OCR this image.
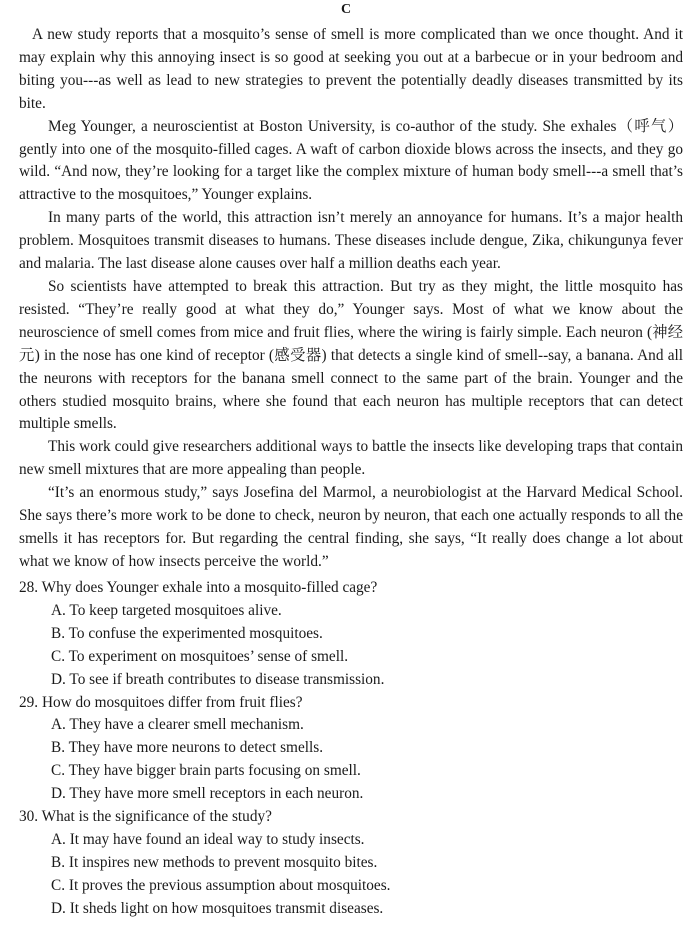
C

A new study reports that a mosquito’s sense of smell is more complicated than we once thought. And it may explain why this annoying insect is so good at seeking you out at a barbecue or in your bedroom and biting you---as well as lead to new strategies to prevent the potentially deadly diseases transmitted by its bite.

Meg Younger, a neuroscientist at Boston University, is co-author of the study. She exhales（呼气）gently into one of the mosquito-filled cages. A waft of carbon dioxide blows across the insects, and they go wild. “And now, they’re looking for a target like the complex mixture of human body smell---a smell that’s attractive to the mosquitoes,” Younger explains.

In many parts of the world, this attraction isn’t merely an annoyance for humans. It’s a major health problem. Mosquitoes transmit diseases to humans. These diseases include dengue, Zika, chikungunya fever and malaria. The last disease alone causes over half a million deaths each year.

So scientists have attempted to break this attraction. But try as they might, the little mosquito has resisted. “They’re really good at what they do,” Younger says. Most of what we know about the neuroscience of smell comes from mice and fruit flies, where the wiring is fairly simple. Each neuron (神经元) in the nose has one kind of receptor (感受器) that detects a single kind of smell--say, a banana. And all the neurons with receptors for the banana smell connect to the same part of the brain. Younger and the others studied mosquito brains, where she found that each neuron has multiple receptors that can detect multiple smells.

This work could give researchers additional ways to battle the insects like developing traps that contain new smell mixtures that are more appealing than people.

“It’s an enormous study,” says Josefina del Marmol, a neurobiologist at the Harvard Medical School. She says there’s more work to be done to check, neuron by neuron, that each one actually responds to all the smells it has receptors for. But regarding the central finding, she says, “It really does change a lot about what we know of how insects perceive the world.”

28. Why does Younger exhale into a mosquito-filled cage?
A. To keep targeted mosquitoes alive.
B. To confuse the experimented mosquitoes.
C. To experiment on mosquitoes’ sense of smell.
D. To see if breath contributes to disease transmission.
29. How do mosquitoes differ from fruit flies?
A. They have a clearer smell mechanism.
B. They have more neurons to detect smells.
C. They have bigger brain parts focusing on smell.
D. They have more smell receptors in each neuron.
30. What is the significance of the study?
A. It may have found an ideal way to study insects.
B. It inspires new methods to prevent mosquito bites.
C. It proves the previous assumption about mosquitoes.
D. It sheds light on how mosquitoes transmit diseases.
